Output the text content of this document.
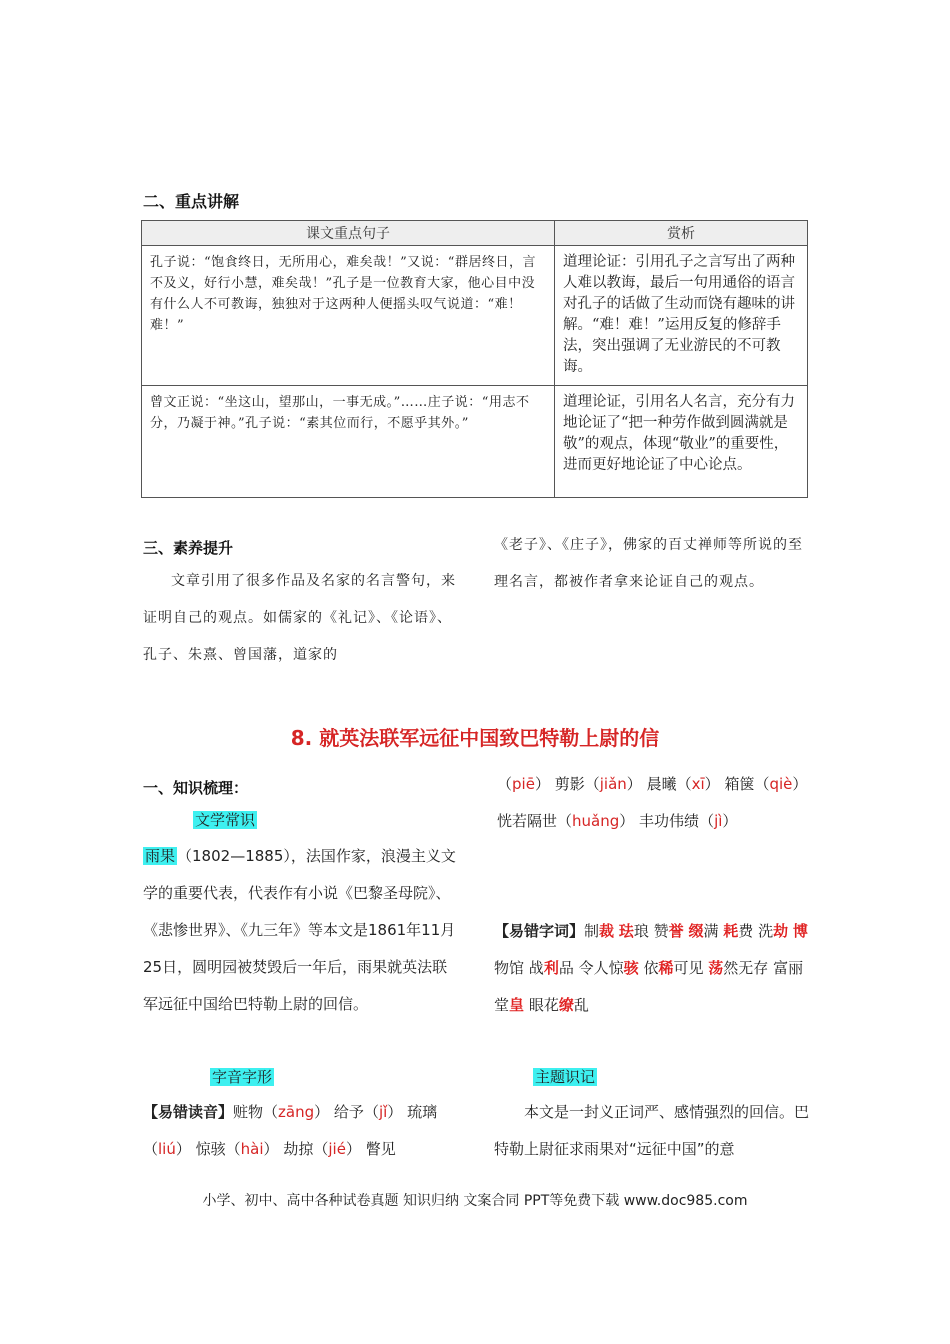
二、重点讲解
课文重点句子	赏析
孔子说：“饱食终日，无所用心，难矣哉！”又说：“群居终日，言不及义，好行小慧，难矣哉！”孔子是一位教育大家，他心目中没有什么人不可教诲，独独对于这两种人便摇头叹气说道：“难！难！”	道理论证：引用孔子之言写出了两种人难以教诲，最后一句用通俗的语言对孔子的话做了生动而饶有趣味的讲解。“难！难！”运用反复的修辞手法，突出强调了无业游民的不可教诲。
曾文正说：“坐这山，望那山，一事无成。”……庄子说：“用志不分，乃凝于神。”孔子说：“素其位而行，不愿乎其外。”	道理论证，引用名人名言，充分有力地论证了“把一种劳作做到圆满就是敬”的观点，体现“敬业”的重要性，进而更好地论证了中心论点。
三、素养提升
文章引用了很多作品及名家的名言警句，来证明自己的观点。如儒家的《礼记》、《论语》、孔子、朱熹、曾国藩，道家的
《老子》、《庄子》，佛家的百丈禅师等所说的至理名言，都被作者拿来论证自己的观点。
8. 就英法联军远征中国致巴特勒上尉的信
一、知识梳理：
文学常识
雨果 （1802—1885），法国作家，浪漫主义文学的重要代表，代表作有小说《巴黎圣母院》、《悲惨世界》、《九三年》等本文是1861年11月25日，圆明园被焚毁后一年后，雨果就英法联军远征中国给巴特勒上尉的回信。
字音字形
【易错读音】赃物（zāng） 给予（jǐ） 琉璃（liú） 惊骇（hài） 劫掠（jié） 瞥见
（piē） 剪影（jiǎn） 晨曦（xī） 箱箧（qiè） 恍若隔世（huǎng） 丰功伟绩（jì）
【易错字词】制裁 珐琅 赞誉 缀满 耗费 洗劫 博物馆 战利品 令人惊骇 依稀可见 荡然无存 富丽堂皇 眼花缭乱
主题识记
本文是一封义正词严、感情强烈的回信。巴特勒上尉征求雨果对“远征中国”的意
小学、初中、高中各种试卷真题 知识归纳 文案合同 PPT等免费下载 www.doc985.com
